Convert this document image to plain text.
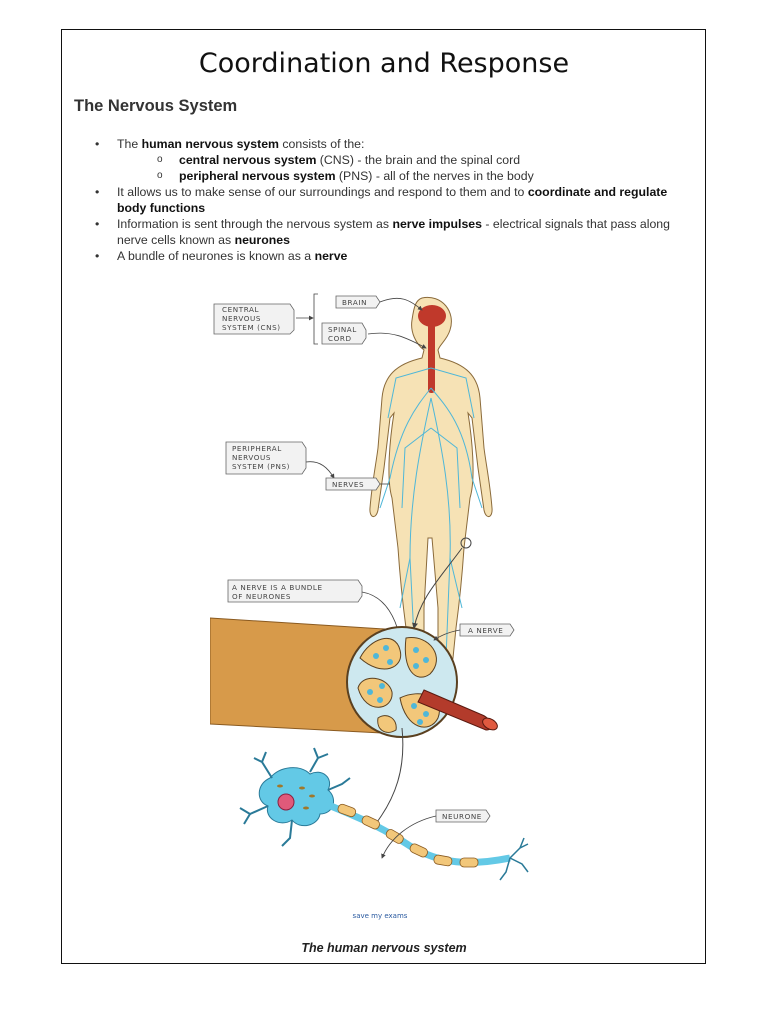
Coordination and Response
The Nervous System
• The human nervous system consists of the:
o central nervous system (CNS) - the brain and the spinal cord
o peripheral nervous system (PNS) - all of the nerves in the body
• It allows us to make sense of our surroundings and respond to them and to coordinate and regulate body functions
• Information is sent through the nervous system as nerve impulses - electrical signals that pass along nerve cells known as neurones
• A bundle of neurones is known as a nerve
CENTRAL
NERVOUS
SYSTEM (CNS)
BRAIN
SPINAL
CORD
PERIPHERAL
NERVOUS
SYSTEM (PNS)
NERVES
A NERVE IS A BUNDLE
OF NEURONES
A NERVE
NEURONE
save my exams

The human nervous system
